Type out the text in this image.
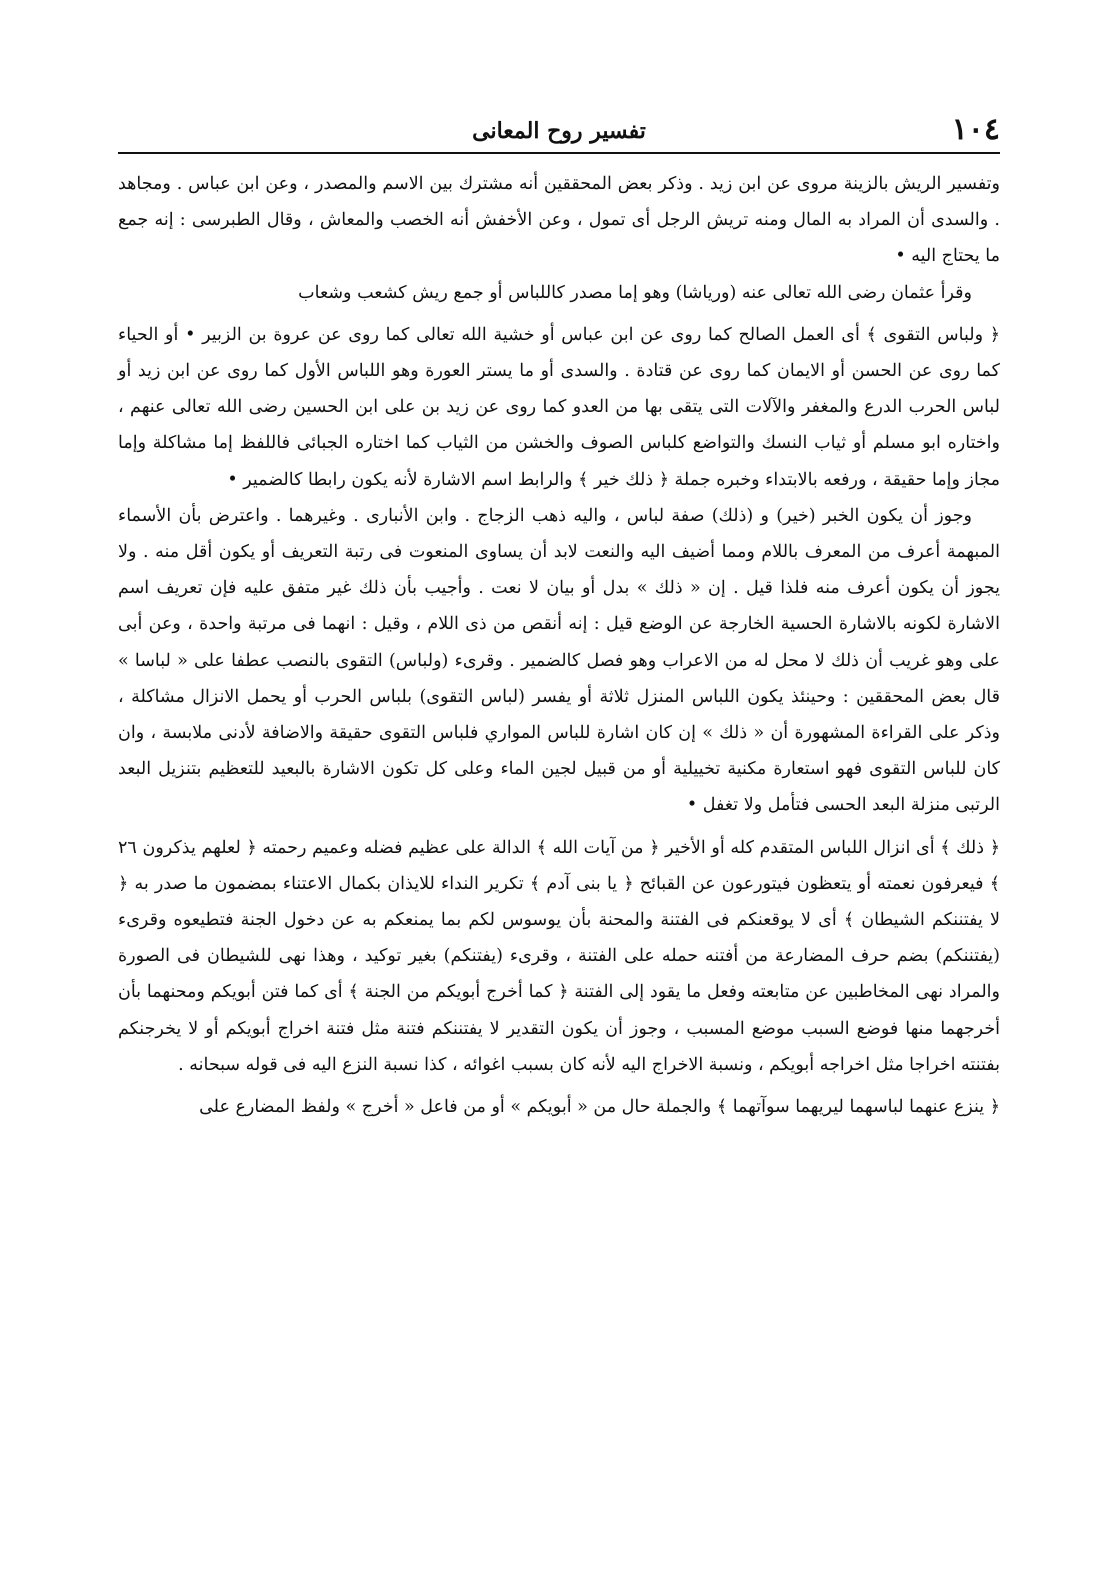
١٠٤
تفسير روح المعانى

وتفسير الريش بالزينة مروى عن ابن زيد . وذكر بعض المحققين أنه مشترك بين الاسم والمصدر ، وعن ابن عباس . ومجاهد . والسدى أن المراد به المال ومنه تريش الرجل أى تمول ، وعن الأخفش أنه الخصب والمعاش ، وقال الطبرسى : إنه جمع ما يحتاج اليه •

وقرأ عثمان رضى الله تعالى عنه (ورياشا) وهو إما مصدر كاللباس أو جمع ريش كشعب وشعاب

﴿ ولباس التقوى ﴾ أى العمل الصالح كما روى عن ابن عباس أو خشية الله تعالى كما روى عن عروة بن الزبير • أو الحياء كما روى عن الحسن أو الايمان كما روى عن قتادة . والسدى أو ما يستر العورة وهو اللباس الأول كما روى عن ابن زيد أو لباس الحرب الدرع والمغفر والآلات التى يتقى بها من العدو كما روى عن زيد بن على ابن الحسين رضى الله تعالى عنهم ، واختاره ابو مسلم أو ثياب النسك والتواضع كلباس الصوف والخشن من الثياب كما اختاره الجبائى فاللفظ إما مشاكلة وإما مجاز وإما حقيقة ، ورفعه بالابتداء وخبره جملة ﴿ ذلك خير ﴾ والرابط اسم الاشارة لأنه يكون رابطا كالضمير •

وجوز أن يكون الخبر (خير) و (ذلك) صفة لباس ، واليه ذهب الزجاج . وابن الأنبارى . وغيرهما . واعترض بأن الأسماء المبهمة أعرف من المعرف باللام ومما أضيف اليه والنعت لابد أن يساوى المنعوت فى رتبة التعريف أو يكون أقل منه . ولا يجوز أن يكون أعرف منه فلذا قيل . إن « ذلك » بدل أو بيان لا نعت . وأجيب بأن ذلك غير متفق عليه فإن تعريف اسم الاشارة لكونه بالاشارة الحسية الخارجة عن الوضع قيل : إنه أنقص من ذى اللام ، وقيل : انهما فى مرتبة واحدة ، وعن أبى على وهو غريب أن ذلك لا محل له من الاعراب وهو فصل كالضمير . وقرىء (ولباس) التقوى بالنصب عطفا على « لباسا » قال بعض المحققين : وحينئذ يكون اللباس المنزل ثلاثة أو يفسر (لباس التقوى) بلباس الحرب أو يحمل الانزال مشاكلة ، وذكر على القراءة المشهورة أن « ذلك » إن كان اشارة للباس المواري فلباس التقوى حقيقة والاضافة لأدنى ملابسة ، وان كان للباس التقوى فهو استعارة مكنية تخييلية أو من قبيل لجين الماء وعلى كل تكون الاشارة بالبعيد للتعظيم بتنزيل البعد الرتبى منزلة البعد الحسى فتأمل ولا تغفل •

﴿ ذلك ﴾ أى انزال اللباس المتقدم كله أو الأخير ﴿ من آيات الله ﴾ الدالة على عظيم فضله وعميم رحمته ﴿ لعلهم يذكرون ٢٦ ﴾ فيعرفون نعمته أو يتعظون فيتورعون عن القبائح ﴿ يا بنى آدم ﴾ تكرير النداء للايذان بكمال الاعتناء بمضمون ما صدر به ﴿ لا يفتننكم الشيطان ﴾ أى لا يوقعنكم فى الفتنة والمحنة بأن يوسوس لكم بما يمنعكم به عن دخول الجنة فتطيعوه وقرىء (يفتننكم) بضم حرف المضارعة من أفتنه حمله على الفتنة ، وقرىء (يفتنكم) بغير توكيد ، وهذا نهى للشيطان فى الصورة والمراد نهى المخاطبين عن متابعته وفعل ما يقود إلى الفتنة ﴿ كما أخرج أبويكم من الجنة ﴾ أى كما فتن أبويكم ومحنهما بأن أخرجهما منها فوضع السبب موضع المسبب ، وجوز أن يكون التقدير لا يفتننكم فتنة مثل فتنة اخراج أبويكم أو لا يخرجنكم بفتنته اخراجا مثل اخراجه أبويكم ، ونسبة الاخراج اليه لأنه كان بسبب اغوائه ، كذا نسبة النزع اليه فى قوله سبحانه .

﴿ ينزع عنهما لباسهما ليريهما سوآتهما ﴾ والجملة حال من « أبويكم » أو من فاعل « أخرج » ولفظ المضارع على
